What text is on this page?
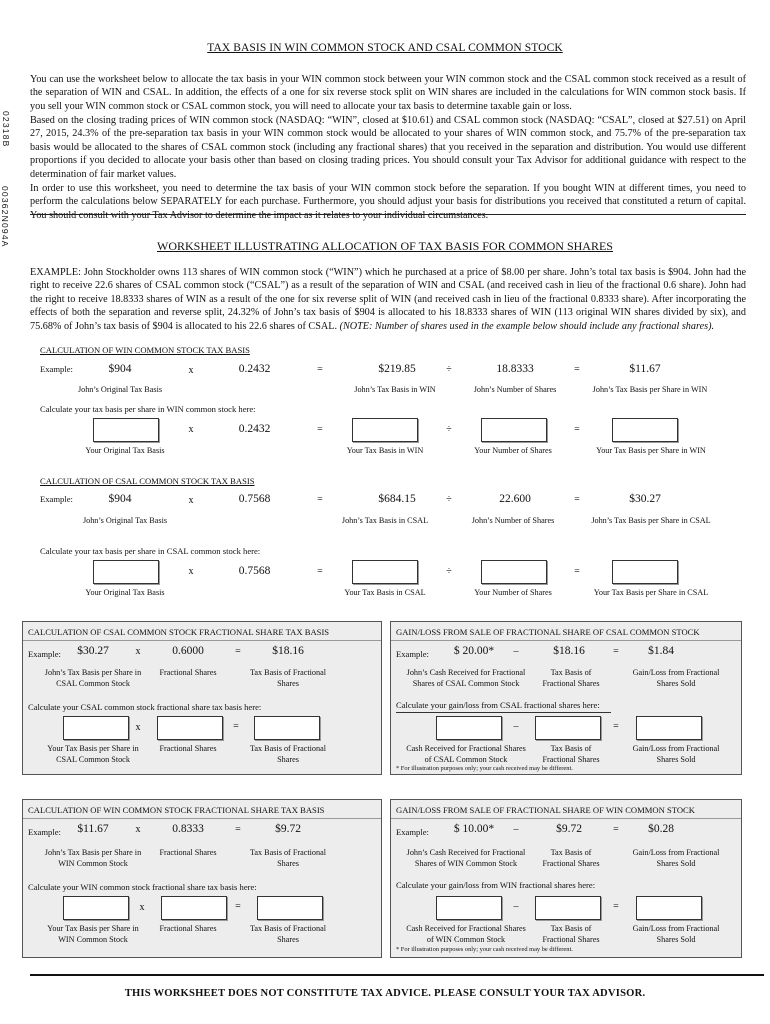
TAX BASIS IN WIN COMMON STOCK AND CSAL COMMON STOCK
You can use the worksheet below to allocate the tax basis in your WIN common stock between your WIN common stock and the CSAL common stock received as a result of the separation of WIN and CSAL. In addition, the effects of a one for six reverse stock split on WIN shares are included in the calculations for WIN common stock basis. If you sell your WIN common stock or CSAL common stock, you will need to allocate your tax basis to determine taxable gain or loss.
Based on the closing trading prices of WIN common stock (NASDAQ: “WIN”, closed at $10.61) and CSAL common stock (NASDAQ: “CSAL”, closed at $27.51) on April 27, 2015, 24.3% of the pre-separation tax basis in your WIN common stock would be allocated to your shares of WIN common stock, and 75.7% of the pre-separation tax basis would be allocated to the shares of CSAL common stock (including any fractional shares) that you received in the separation and distribution. You would use different proportions if you decided to allocate your basis other than based on closing trading prices. You should consult your Tax Advisor for additional guidance with respect to the determination of fair market values.
In order to use this worksheet, you need to determine the tax basis of your WIN common stock before the separation. If you bought WIN at different times, you need to perform the calculations below SEPARATELY for each purchase. Furthermore, you should adjust your basis for distributions you received that constituted a return of capital. You should consult with your Tax Advisor to determine the impact as it relates to your individual circumstances.
02318B
00362N094A	WORKSHEET ILLUSTRATING ALLOCATION OF TAX BASIS FOR COMMON SHARES
EXAMPLE: John Stockholder owns 113 shares of WIN common stock (“WIN”) which he purchased at a price of $8.00 per share. John’s total tax basis is $904. John had the right to receive 22.6 shares of CSAL common stock (“CSAL”) as a result of the separation of WIN and CSAL (and received cash in lieu of the fractional 0.6 share). John had the right to receive 18.8333 shares of WIN as a result of the one for six reverse split of WIN (and received cash in lieu of the fractional 0.8333 share). After incorporating the effects of both the separation and reverse split, 24.32% of John’s tax basis of $904 is allocated to his 18.8333 shares of WIN (113 original WIN shares divided by six), and 75.68% of John’s tax basis of $904 is allocated to his 22.6 shares of CSAL. (NOTE: Number of shares used in the example below should include any fractional shares).
CALCULATION OF WIN COMMON STOCK TAX BASIS
Example:	$904	x	0.2432	=	$219.85	÷	18.8333	=	$11.67
John’s Original Tax Basis	John’s Tax Basis in WIN	John’s Number of Shares	John’s Tax Basis per Share in WIN
Calculate your tax basis per share in WIN common stock here:
x	0.2432	=	÷	=
Your Original Tax Basis	Your Tax Basis in WIN	Your Number of Shares	Your Tax Basis per Share in WIN
CALCULATION OF CSAL COMMON STOCK TAX BASIS
Example:	$904	x	0.7568	=	$684.15	÷	22.600	=	$30.27
John’s Original Tax Basis	John’s Tax Basis in CSAL	John’s Number of Shares	John’s Tax Basis per Share in CSAL
Calculate your tax basis per share in CSAL common stock here:
x	0.7568	=	÷	=
Your Original Tax Basis	Your Tax Basis in CSAL	Your Number of Shares	Your Tax Basis per Share in CSAL
CALCULATION OF CSAL COMMON STOCK FRACTIONAL SHARE TAX BASIS
Example:	$30.27	x	0.6000	=	$18.16
John’s Tax Basis per Share in CSAL Common Stock
Fractional Shares	Tax Basis of Fractional Shares
Calculate your CSAL common stock fractional share tax basis here:
x	=
Your Tax Basis per Share in CSAL Common Stock
Fractional Shares	Tax Basis of Fractional Shares
GAIN/LOSS FROM SALE OF FRACTIONAL SHARE OF CSAL COMMON STOCK
Example:	$ 20.00*	–	$18.16	=	$1.84
John’s Cash Received for Fractional Shares of CSAL Common Stock
Tax Basis of Fractional Shares
Gain/Loss from Fractional Shares Sold
Calculate your gain/loss from CSAL fractional shares here:
–	=
Cash Received for Fractional Shares of CSAL Common Stock
Tax Basis of Fractional Shares
Gain/Loss from Fractional Shares Sold
* For illustration purposes only; your cash received may be different.
CALCULATION OF WIN COMMON STOCK FRACTIONAL SHARE TAX BASIS
Example:	$11.67	x	0.8333	=	$9.72
John’s Tax Basis per Share in WIN Common Stock
Fractional Shares	Tax Basis of Fractional Shares
Calculate your WIN common stock fractional share tax basis here:
x	=
Your Tax Basis per Share in WIN Common Stock
Fractional Shares	Tax Basis of Fractional Shares
GAIN/LOSS FROM SALE OF FRACTIONAL SHARE OF WIN COMMON STOCK
Example:	$ 10.00*	–	$9.72	=	$0.28
John’s Cash Received for Fractional Shares of WIN Common Stock
Tax Basis of Fractional Shares
Gain/Loss from Fractional Shares Sold
Calculate your gain/loss from WIN fractional shares here:
–	=
Cash Received for Fractional Shares of WIN Common Stock
Tax Basis of Fractional Shares
Gain/Loss from Fractional Shares Sold
* For illustration purposes only; your cash received may be different.
THIS WORKSHEET DOES NOT CONSTITUTE TAX ADVICE. PLEASE CONSULT YOUR TAX ADVISOR.
